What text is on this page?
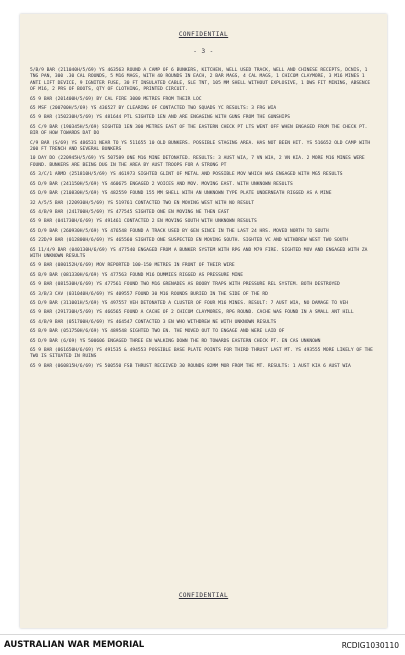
CONFIDENTIAL
- 3 -
5/B/9 BAR (211040H/5/69) YS 463563 ROUND A CAMP OF 6 BUNKERS, KITCHEN, WELL USED TRACK, WELL AND CHINESE RECEPTS, DCNIS, 1 TNG PAN, 300 .30 CAL ROUNDS, 5 M16 MAGS, WITH 40 ROUNDS IN EACH, 2 BAR MAGS, 4 CAL MAGS, 1 CHICOM CLAYMORE, 3 M16 MINES 1 ANTI LIFT DEVICE, 9 IGNITER FUSE, 30 FT INSULATED CABLE, SLE TNT, 105 MM SHELL WITHOUT EXPLOSIVE, 1 DWS FIT MINING, ABSENCE OF M16, 2 PRS OF BOOTS, QTY OF CLOTHING, PRINTED CIRCUIT.
65 9 BAR (201400H/5/69) BY CAL FIRE 3000 METRES FROM THEIR LOC
65 MSF (200700H/5/69) YS 436527 BY CLEARING OF CONTACTED TWO SQUADS YC RESULTS: 3 FRG WIA
65 9 BAR (150230H/5/69) YS 481644 PTL SIGHTED 1EN AND ARE ENGAGING WITH GUNS FROM THE GUNSHIPS
65 C/9 BAR (190345H/5/69) SIGHTED 1EN 300 METRES EAST OF THE EASTERN CHECK PT LTS WENT OFF WHEN ENGAGED FROM THE CHECK PT. BIR OF HOW TOWARDS DAT DO
C/9 BAR (S/69) YS 486531 NEAR TO YS 511655 10 OLD BUNKERS. POSSIBLE STAGING AREA. HAS NOT BEEN HIT. YS 516652 OLD CAMP WITH 200 FT TRENCH AND SEVERAL BUNKERS
10 DAY DO (220945H/5/69) YS 507589 ONE M16 MINE DETONATED. RESULTS: 3 AUST WIA, 7 VN WIA, 2 VN KIA. 2 MORE M16 MINES WERE FOUND. BUNKERS ARE BEING DUG IN THE AREA BY AUST TROOPS FOR A STRONG PT
65 3/C/1 ARMD (251810H/5/69) YS 461973 SIGHTED GLINT OF METAL AND POSSIBLE MOV WHICH WAS ENGAGED WITH MG5 RESULTS
65 D/9 BAR (241150H/5/69) YS 460675 ENGAGED 2 VOICES AND MOV. MOVING EAST. WITH UNKNOWN RESULTS
65 D/9 BAR (210830H/5/69) YS 482559 FOUND 155 MM SHELL WITH AN UNKNOWN TYPE PLATE UNDERNEATH RIGGED AS A MINE
32 A/5/5 BAR (220930H/5/69) YS 519761 CONTACTED TWO EN MOVING WEST WITH NO RESULT
65 4/B/9 BAR (241700H/5/69) YS 477545 SIGHTED ONE EN MOVING NE THEN EAST
65 9 BAR (041730H/6/69) YS 491461 CONTACTED 2 EN MOVING SOUTH WITH UNKNOWN RESULTS
65 D/9 BAR (260930H/5/69) YS 476548 FOUND A TRACK USED BY 6EN SINCE IN THE LAST 24 HRS. MOVED NORTH TO SOUTH
65 22D/9 BAR (012800H/6/69) YS 465560 SIGHTED ONE SUSPECTED EN MOVING SOUTH. SIGHTED VC AND WITHDREW WEST TWO SOUTH
65 11/4/9 BAR (040130H/6/69) YS 477540 ENGAGED FROM A BUNKER SYSTEM WITH RPG AND M79 FIRE. SIGHTED MOV AND ENGAGED WITH ZA WITH UNKNOWN RESULTS
65 9 BAR (080152H/6/69) MOV REPORTED 100-150 METRES IN FRONT OF THEIR WIRE
65 B/9 BAR (081330H/6/69) YS 477563 FOUND M16 DUMMIES RIGGED AS PRESSURE MINE
65 9 BAR (081530H/6/69) YS 477561 FOUND TWO M16 GRENADES AS BOOBY TRAPS WITH PRESSURE REL SYSTEM. BOTH DESTROYED
65 3/B/3 CAV (031040H/6/69) YS 409557 FOUND 30 M16 ROUNDS BURIED IN THE SIDE OF THE RD
65 D/9 BAR (311001H/5/69) YS 497557 VEH DETONATED A CLUSTER OF FOUR M16 MINES. RESULT: 7 AUST WIA, NO DAMAGE TO VEH
65 9 BAR (291730H/5/69) YS 466565 FOUND A CACHE OF 2 CHICOM CLAYMORES, RPG ROUND. CACHE WAS FOUND IN A SMALL ANT HILL
65 4/B/9 BAR (051700H/6/69) YS 464547 CONTACTED 3 EN WHO WITHDREW NE WITH UNKNOWN RESULTS
65 B/9 BAR (051750H/6/69) YS 489548 SIGHTED TWO EN. THE MOVED OUT TO ENGAGE AND WERE LAID OF
65 D/9 BAR (6/69) YS 500606 ENGAGED THREE EN WALKING DOWN THE RD TOWARDS EASTERN CHECK PT. EN CAS UNKNOWN
65 9 BAR (061650H/6/69) YS 491535 & 494553 POSSIBLE BASE PLATE POINTS FOR THIRD THRUST LAST MT. YS 493555 MORE LIKELY OF THE TWO IS SITUATED IN RUINS
65 9 BAR (060815H/6/69) YS 500550 FSB THRUST RECEIVED 30 ROUNDS 82MM MOR FROM THE MT. RESULTS: 1 AUST KIA 6 AUST WIA
CONFIDENTIAL
AUSTRALIAN WAR MEMORIAL	RCDIG1030110
